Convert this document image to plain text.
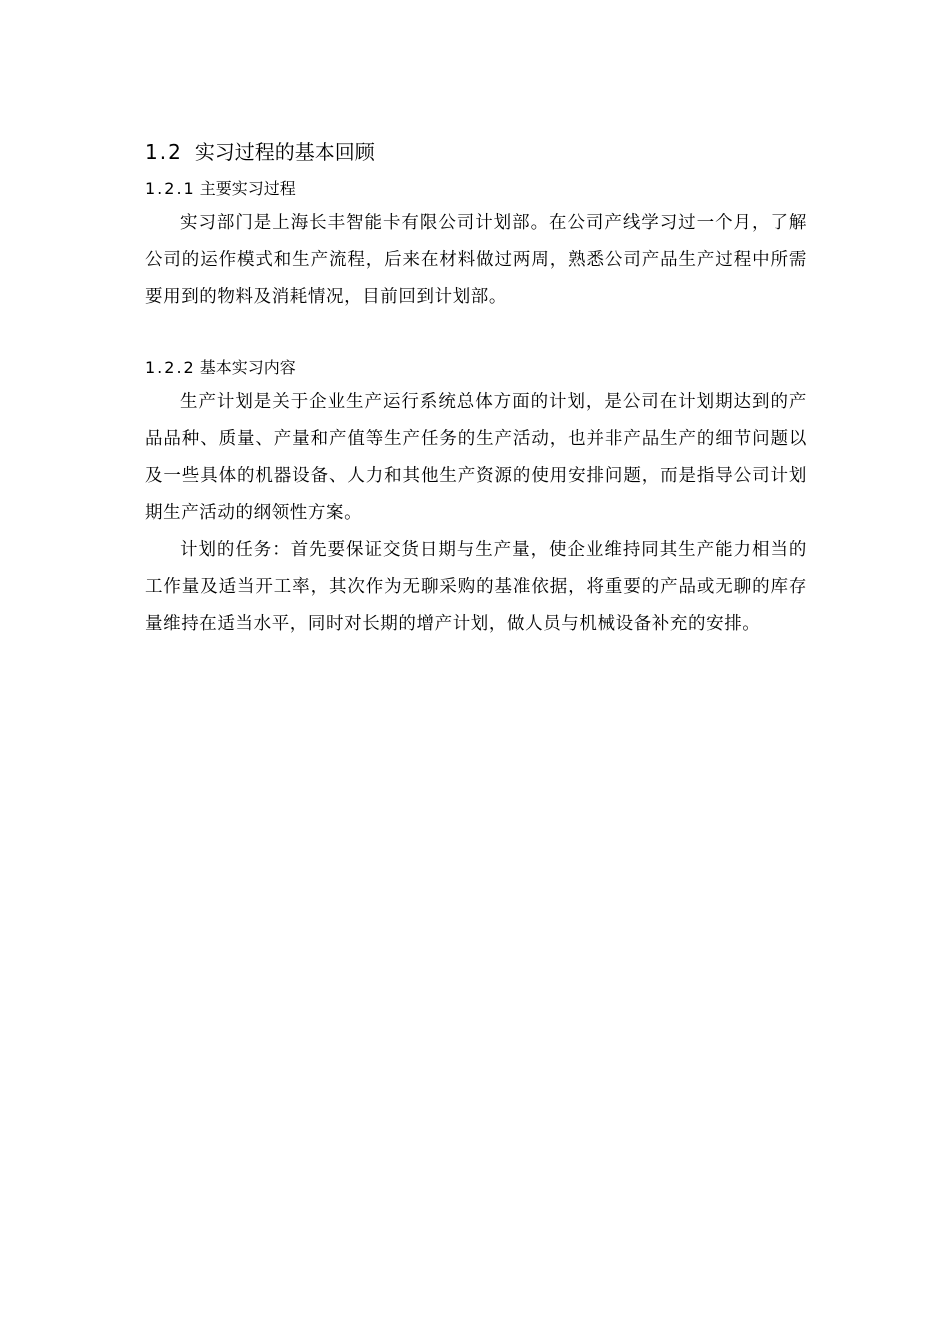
1.2 实习过程的基本回顾
1.2.1 主要实习过程

实习部门是上海长丰智能卡有限公司计划部。在公司产线学习过一个月，了解公司的运作模式和生产流程，后来在材料做过两周，熟悉公司产品生产过程中所需要用到的物料及消耗情况，目前回到计划部。

1.2.2 基本实习内容

生产计划是关于企业生产运行系统总体方面的计划，是公司在计划期达到的产品品种、质量、产量和产值等生产任务的生产活动，也并非产品生产的细节问题以及一些具体的机器设备、人力和其他生产资源的使用安排问题，而是指导公司计划期生产活动的纲领性方案。

计划的任务：首先要保证交货日期与生产量，使企业维持同其生产能力相当的工作量及适当开工率，其次作为无聊采购的基准依据，将重要的产品或无聊的库存量维持在适当水平，同时对长期的增产计划，做人员与机械设备补充的安排。
